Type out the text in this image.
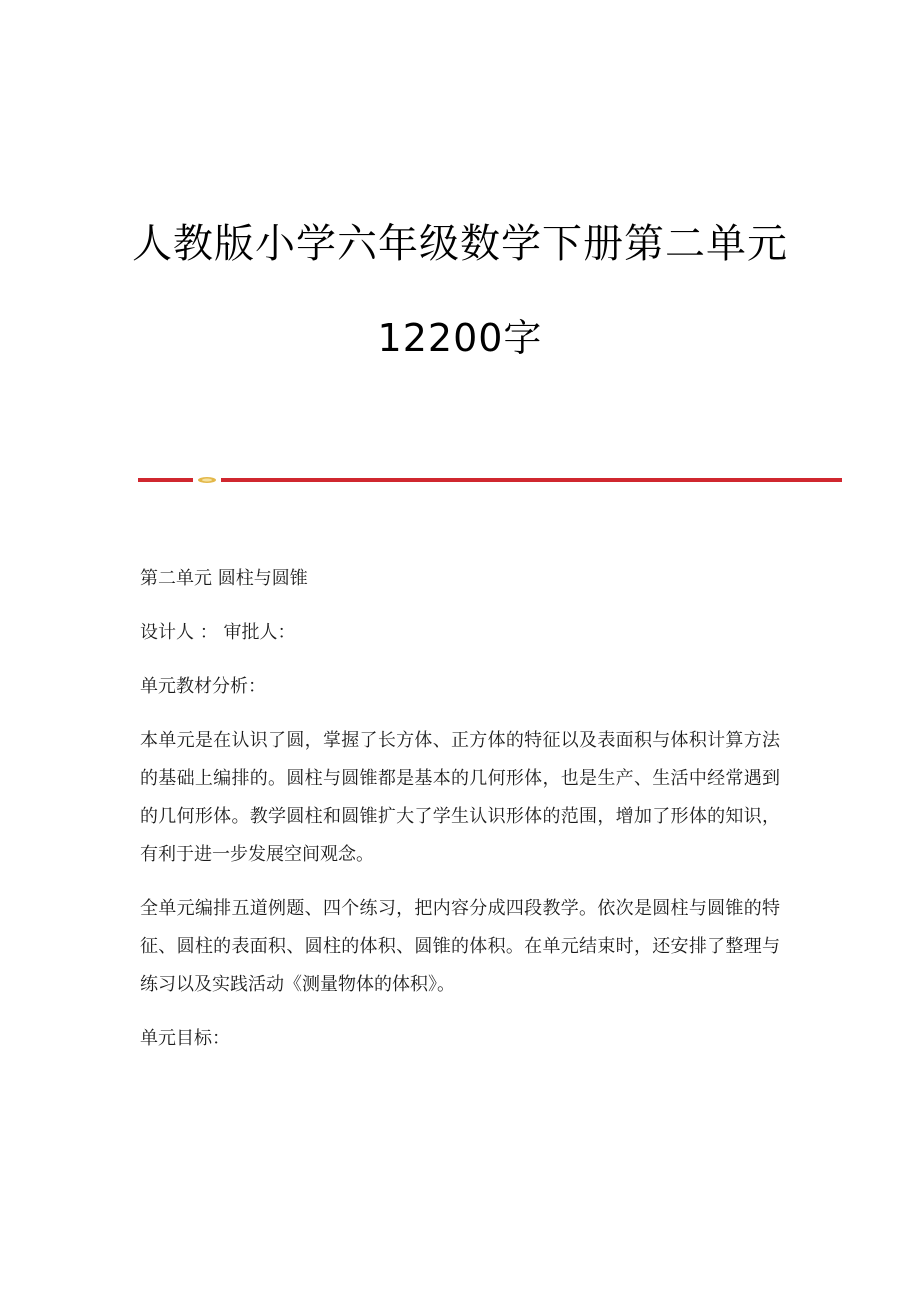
人教版小学六年级数学下册第二单元
12200字

第二单元 圆柱与圆锥

设计人 ： 审批人：

单元教材分析：

本单元是在认识了圆，掌握了长方体、正方体的特征以及表面积与体积计算方法的基础上编排的。圆柱与圆锥都是基本的几何形体，也是生产、生活中经常遇到的几何形体。教学圆柱和圆锥扩大了学生认识形体的范围，增加了形体的知识，有利于进一步发展空间观念。

全单元编排五道例题、四个练习，把内容分成四段教学。依次是圆柱与圆锥的特征、圆柱的表面积、圆柱的体积、圆锥的体积。在单元结束时，还安排了整理与练习以及实践活动《测量物体的体积》。

单元目标：
